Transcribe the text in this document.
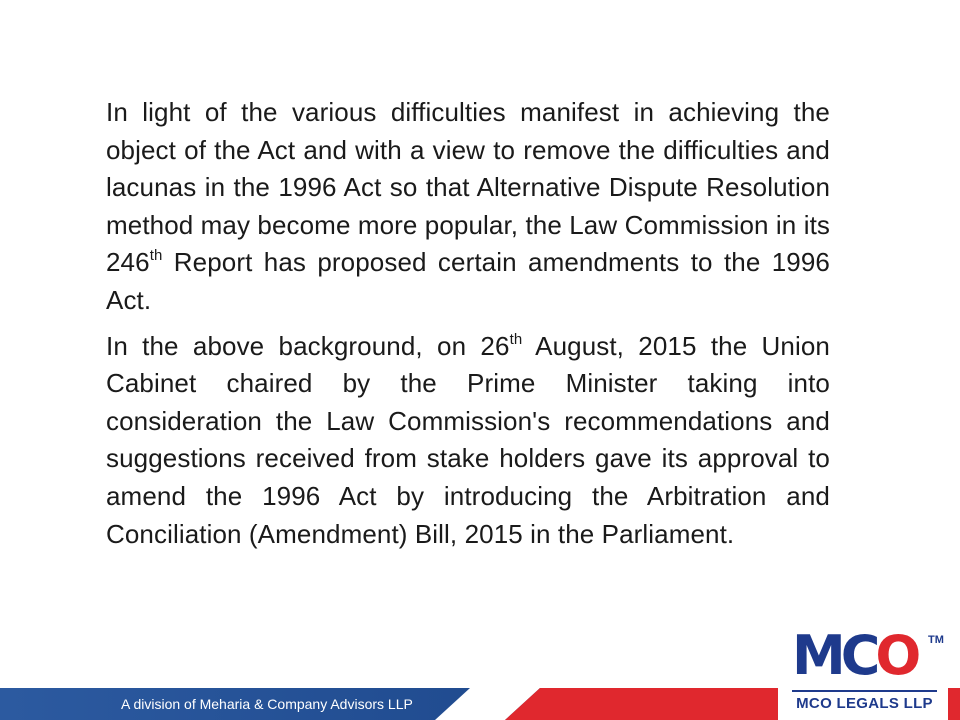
In light of the various difficulties manifest in achieving the object of the Act and with a view to remove the difficulties and lacunas in the 1996 Act so that Alternative Dispute Resolution method may become more popular, the Law Commission in its 246th Report has proposed certain amendments to the 1996 Act.

In the above background, on 26th August, 2015 the Union Cabinet chaired by the Prime Minister taking into consideration the Law Commission's recommendations and suggestions received from stake holders gave its approval to amend the 1996 Act by introducing the Arbitration and Conciliation (Amendment) Bill, 2015 in the Parliament.

A division of Meharia & Company Advisors LLP
MCO TM
MCO LEGALS LLP
